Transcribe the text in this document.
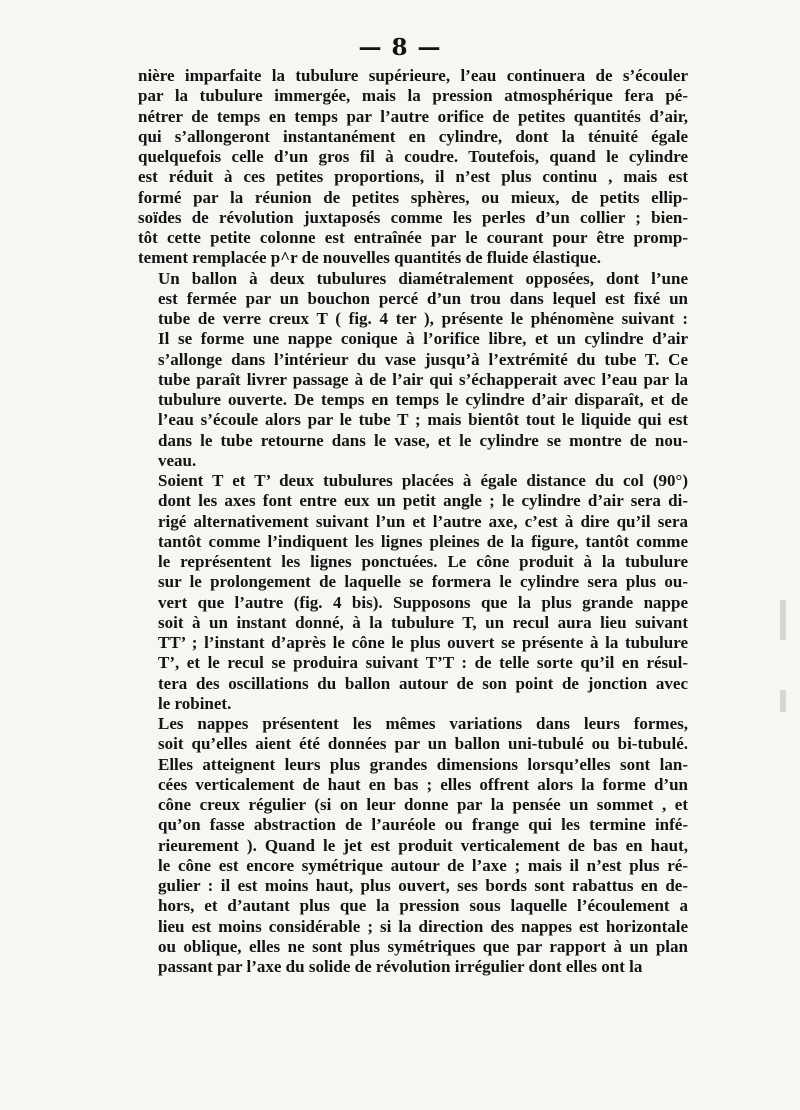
— 8 —

nière imparfaite la tubulure supérieure, l’eau continuera de s’écouler
par la tubulure immergée, mais la pression atmosphérique fera pé-
nétrer de temps en temps par l’autre orifice de petites quantités d’air,
qui s’allongeront instantanément en cylindre, dont la ténuité égale
quelquefois celle d’un gros fil à coudre. Toutefois, quand le cylindre
est réduit à ces petites proportions, il n’est plus continu , mais est
formé par la réunion de petites sphères, ou mieux, de petits ellip-
soïdes de révolution juxtaposés comme les perles d’un collier ; bien-
tôt cette petite colonne est entraînée par le courant pour être promp-
tement remplacée p^r de nouvelles quantités de fluide élastique.

Un ballon à deux tubulures diamétralement opposées, dont l’une
est fermée par un bouchon percé d’un trou dans lequel est fixé un
tube de verre creux T ( fig. 4 ter ), présente le phénomène suivant :
Il se forme une nappe conique à l’orifice libre, et un cylindre d’air
s’allonge dans l’intérieur du vase jusqu’à l’extrémité du tube T. Ce
tube paraît livrer passage à de l’air qui s’échapperait avec l’eau par la
tubulure ouverte. De temps en temps le cylindre d’air disparaît, et de
l’eau s’écoule alors par le tube T ; mais bientôt tout le liquide qui est
dans le tube retourne dans le vase, et le cylindre se montre de nou-
veau.

Soient T et T’ deux tubulures placées à égale distance du col (90°)
dont les axes font entre eux un petit angle ; le cylindre d’air sera di-
rigé alternativement suivant l’un et l’autre axe, c’est à dire qu’il sera
tantôt comme l’indiquent les lignes pleines de la figure, tantôt comme
le représentent les lignes ponctuées. Le cône produit à la tubulure
sur le prolongement de laquelle se formera le cylindre sera plus ou-
vert que l’autre (fig. 4 bis). Supposons que la plus grande nappe
soit à un instant donné, à la tubulure T, un recul aura lieu suivant
TT’ ; l’instant d’après le cône le plus ouvert se présente à la tubulure
T’, et le recul se produira suivant T’T : de telle sorte qu’il en résul-
tera des oscillations du ballon autour de son point de jonction avec
le robinet.

Les nappes présentent les mêmes variations dans leurs formes,
soit qu’elles aient été données par un ballon uni-tubulé ou bi-tubulé.
Elles atteignent leurs plus grandes dimensions lorsqu’elles sont lan-
cées verticalement de haut en bas ; elles offrent alors la forme d’un
cône creux régulier (si on leur donne par la pensée un sommet , et
qu’on fasse abstraction de l’auréole ou frange qui les termine infé-
rieurement ). Quand le jet est produit verticalement de bas en haut,
le cône est encore symétrique autour de l’axe ; mais il n’est plus ré-
gulier : il est moins haut, plus ouvert, ses bords sont rabattus en de-
hors, et d’autant plus que la pression sous laquelle l’écoulement a
lieu est moins considérable ; si la direction des nappes est horizontale
ou oblique, elles ne sont plus symétriques que par rapport à un plan
passant par l’axe du solide de révolution irrégulier dont elles ont la
